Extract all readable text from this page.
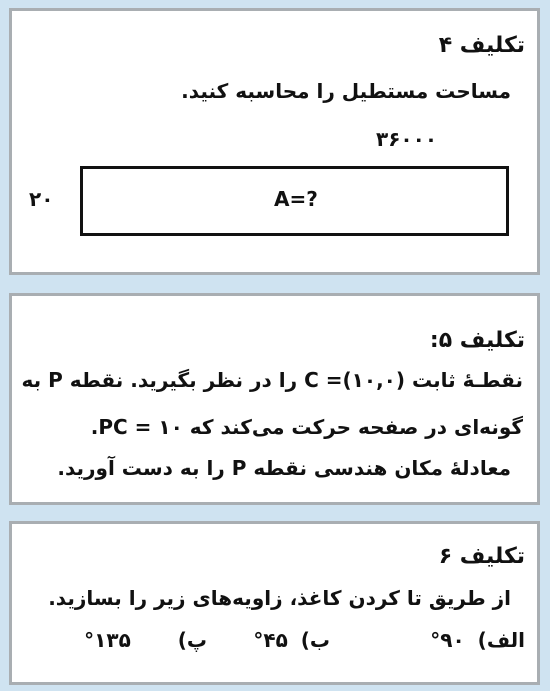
تکلیف ۴
مساحت مستطیل را محاسبه کنید.
۳۶۰۰۰
۲۰	A=?
تکلیف ۵:
نقطـهٔ ثابت (۱۰,۰)= C را در نظر بگیرید. نقطه P به
گونه‌ای در صفحه حرکت می‌کند که ۱۰ = PC.
معادلهٔ مکان هندسی نقطه P را به دست آورید.
تکلیف ۶
از طریق تا کردن کاغذ، زاویه‌های زیر را بسازید.
الف) ۹۰°
ب) ۴۵°
پ) ۱۳۵°
